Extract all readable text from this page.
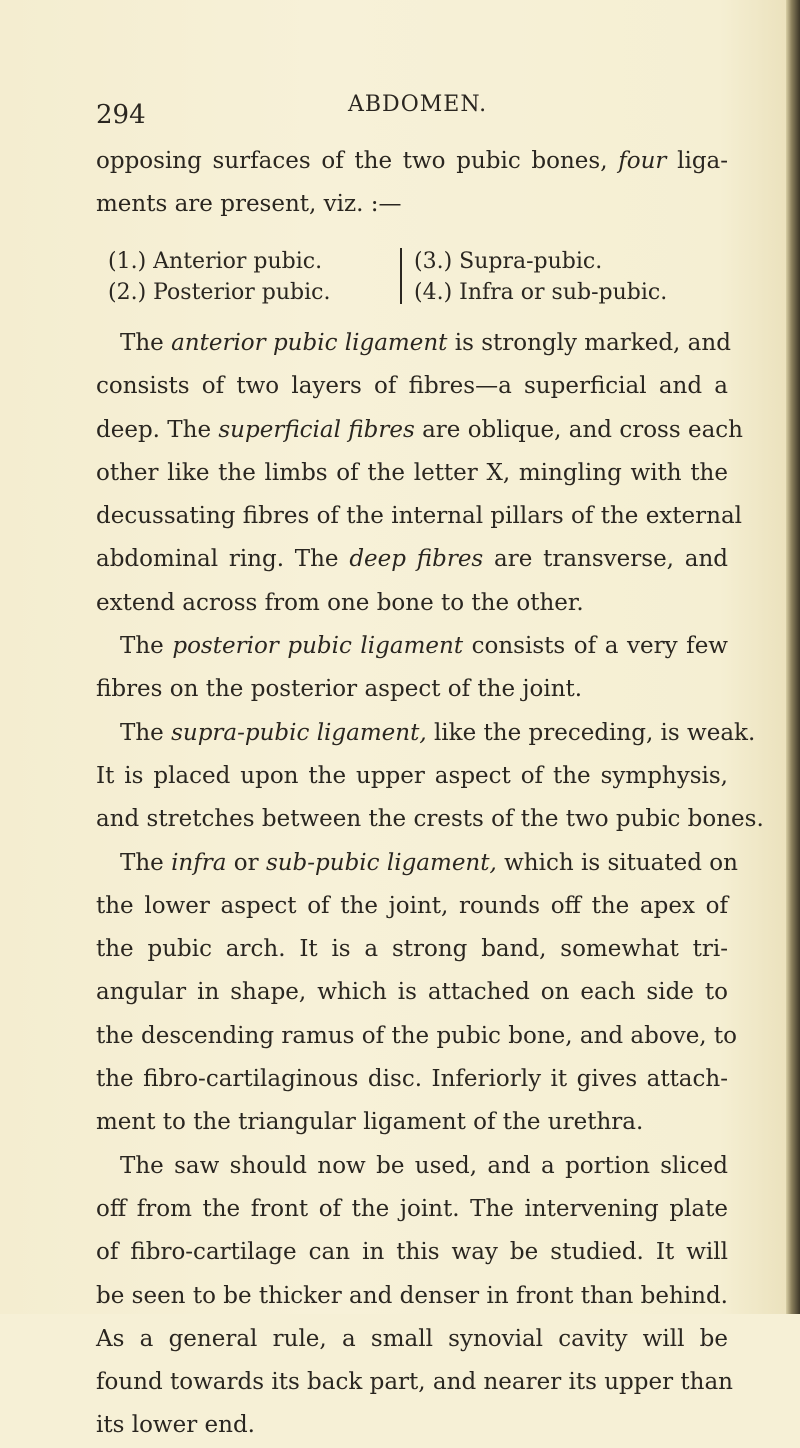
294	ABDOMEN.
opposing surfaces of the two pubic bones, four liga-
ments are present, viz. :—
(1.) Anterior pubic.
(2.) Posterior pubic.
(3.) Supra-pubic.
(4.) Infra or sub-pubic.
The anterior pubic ligament is strongly marked, and
consists of two layers of fibres—a superficial and a
deep. The superficial fibres are oblique, and cross each
other like the limbs of the letter X, mingling with the
decussating fibres of the internal pillars of the external
abdominal ring. The deep fibres are transverse, and
extend across from one bone to the other.
The posterior pubic ligament consists of a very few
fibres on the posterior aspect of the joint.
The supra-pubic ligament, like the preceding, is weak.
It is placed upon the upper aspect of the symphysis,
and stretches between the crests of the two pubic bones.
The infra or sub-pubic ligament, which is situated on
the lower aspect of the joint, rounds off the apex of
the pubic arch. It is a strong band, somewhat tri-
angular in shape, which is attached on each side to
the descending ramus of the pubic bone, and above, to
the fibro-cartilaginous disc. Inferiorly it gives attach-
ment to the triangular ligament of the urethra.
The saw should now be used, and a portion sliced
off from the front of the joint. The intervening plate
of fibro-cartilage can in this way be studied. It will
be seen to be thicker and denser in front than behind.
As a general rule, a small synovial cavity will be
found towards its back part, and nearer its upper than
its lower end.
